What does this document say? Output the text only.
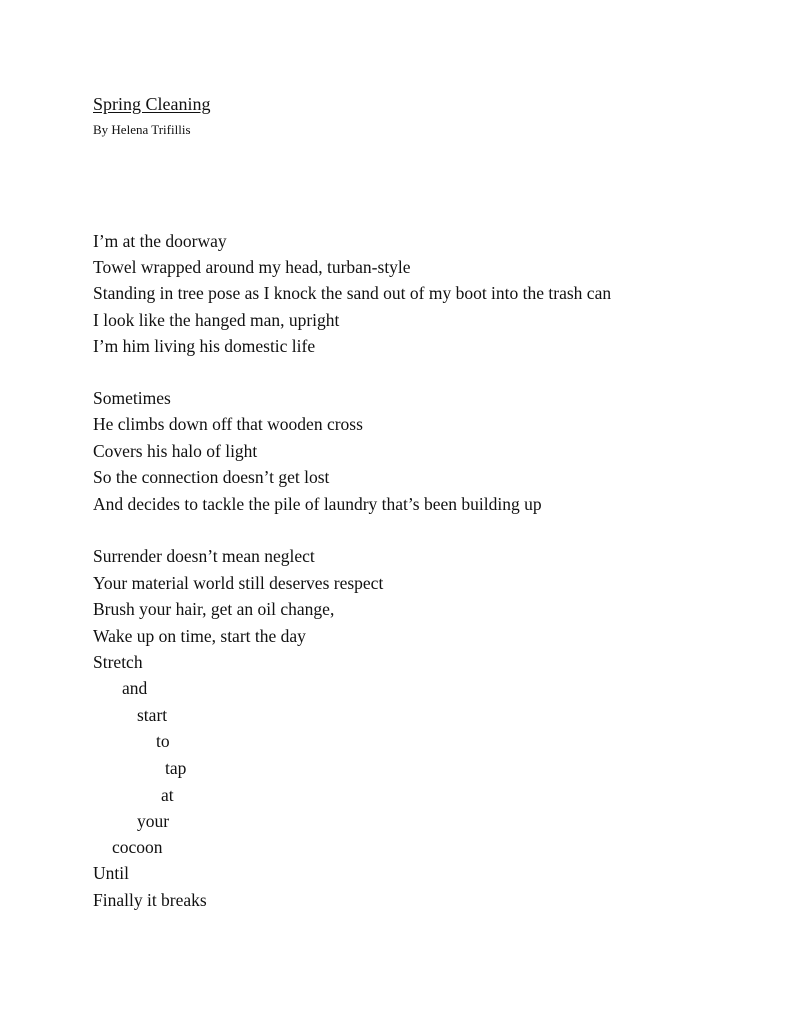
Spring Cleaning
By Helena Trifillis
I’m at the doorway
Towel wrapped around my head, turban-style
Standing in tree pose as I knock the sand out of my boot into the trash can
I look like the hanged man, upright
I’m him living his domestic life
Sometimes
He climbs down off that wooden cross
Covers his halo of light
So the connection doesn’t get lost
And decides to tackle the pile of laundry that’s been building up
Surrender doesn’t mean neglect
Your material world still deserves respect
Brush your hair, get an oil change,
Wake up on time, start the day
Stretch
and
start
to
tap
at
your
cocoon
Until
Finally it breaks
